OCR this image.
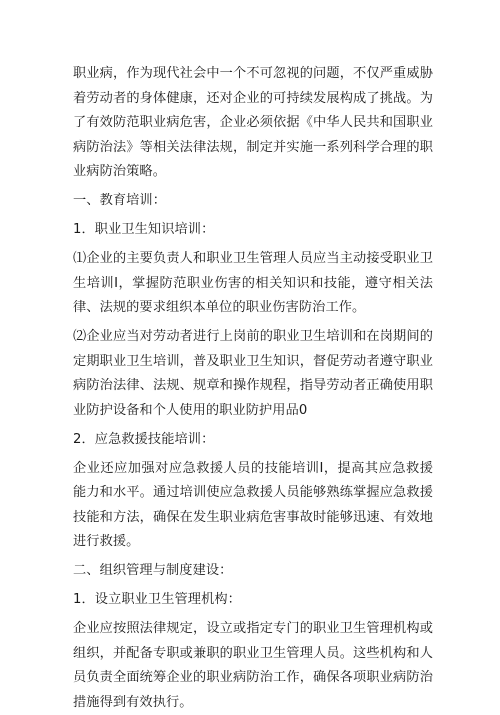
职业病，作为现代社会中一个不可忽视的问题，不仅严重威胁着劳动者的身体健康，还对企业的可持续发展构成了挑战。为了有效防范职业病危害，企业必须依据《中华人民共和国职业病防治法》等相关法律法规，制定并实施一系列科学合理的职业病防治策略。

一、教育培训：

1．职业卫生知识培训：

⑴企业的主要负责人和职业卫生管理人员应当主动接受职业卫生培训I，掌握防范职业伤害的相关知识和技能，遵守相关法律、法规的要求组织本单位的职业伤害防治工作。

⑵企业应当对劳动者进行上岗前的职业卫生培训和在岗期间的定期职业卫生培训，普及职业卫生知识，督促劳动者遵守职业病防治法律、法规、规章和操作规程，指导劳动者正确使用职业防护设备和个人使用的职业防护用品0

2．应急救援技能培训：

企业还应加强对应急救援人员的技能培训I，提高其应急救援能力和水平。通过培训使应急救援人员能够熟练掌握应急救援技能和方法，确保在发生职业病危害事故时能够迅速、有效地进行救援。

二、组织管理与制度建设：

1．设立职业卫生管理机构：

企业应按照法律规定，设立或指定专门的职业卫生管理机构或组织，并配备专职或兼职的职业卫生管理人员。这些机构和人员负责全面统筹企业的职业病防治工作，确保各项职业病防治措施得到有效执行。
